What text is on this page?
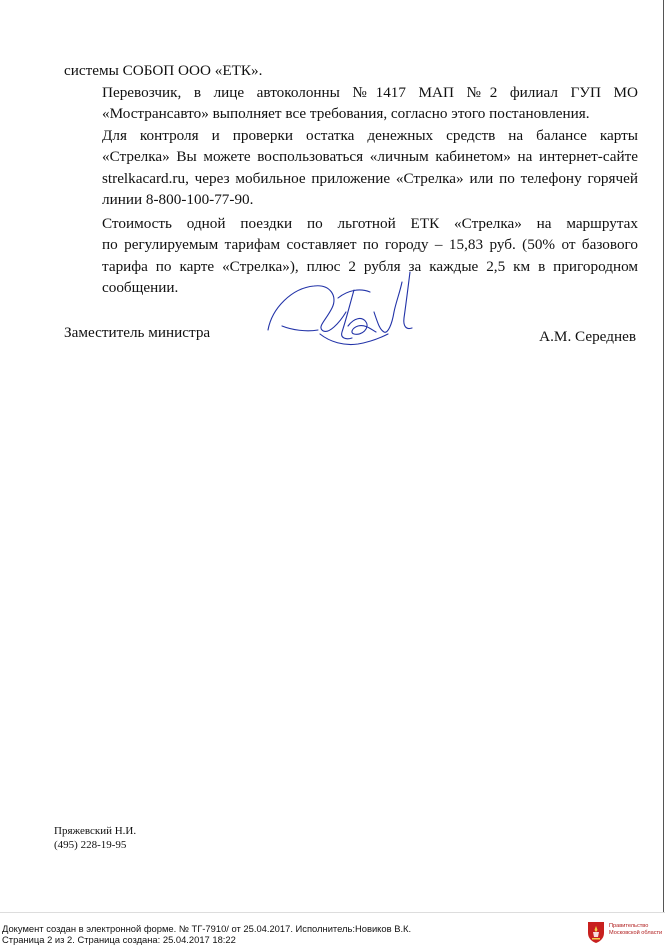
системы СОБОП ООО «ЕТК».

Перевозчик, в лице автоколонны №1417 МАП №2 филиал ГУП МО
«Мострансавто» выполняет все требования, согласно этого постановления.

Для контроля и проверки остатка денежных средств на балансе карты
«Стрелка» Вы можете воспользоваться «личным кабинетом» на интернет-сайте
strelkacard.ru, через мобильное приложение «Стрелка» или по телефону горячей
линии 8-800-100-77-90.

Стоимость одной поездки по льготной ЕТК «Стрелка» на маршрутах
по регулируемым тарифам составляет по городу – 15,83 руб. (50% от базового
тарифа по карте «Стрелка»), плюс 2 рубля за каждые 2,5 км в пригородном
сообщении.

Заместитель министра	А.М. Середнев
Пряжевский Н.И.
(495) 228-19-95
Документ создан в электронной форме. № ТГ-7910/ от 25.04.2017. Исполнитель:Новиков В.К.
Страница 2 из 2. Страница создана: 25.04.2017 18:22
Правительство
Московской области
